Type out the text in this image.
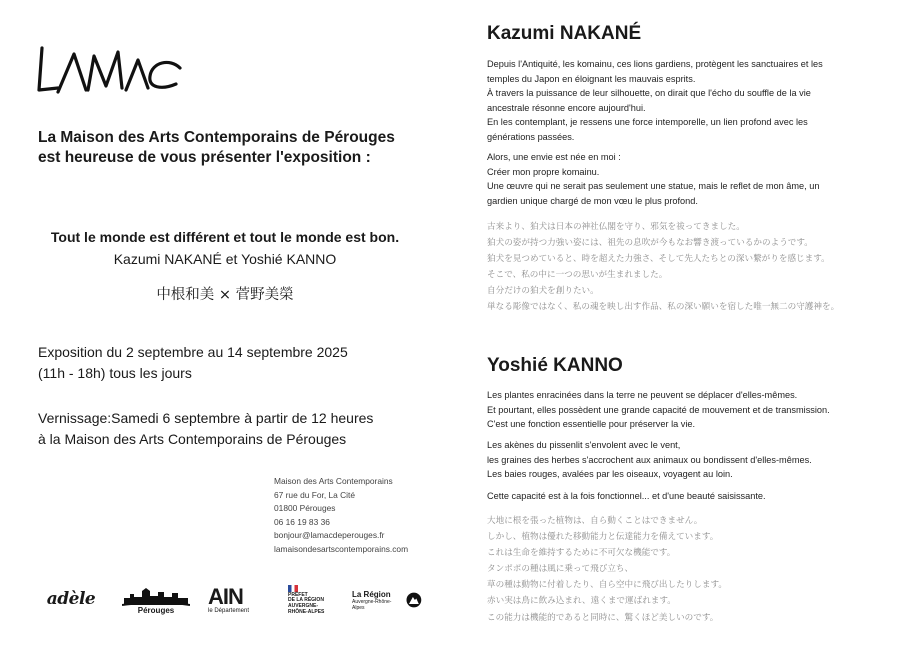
La Maison des Arts Contemporains de Pérouges
est heureuse de vous présenter l'exposition :
Tout le monde est différent et tout le monde est bon.
Kazumi NAKANÉ et Yoshié KANNO
中根和美 × 菅野美榮
Exposition du 2 septembre au 14 septembre 2025
(11h - 18h) tous les jours
Vernissage:Samedi 6 septembre à partir de 12 heures
à la Maison des Arts Contemporains de Pérouges
Maison des Arts Contemporains
67 rue du For, La Cité
01800 Pérouges
06 16 19 83 36
bonjour@lamacdeperouges.fr
lamaisondesartscontemporains.com
adèle
Pérouges
AIN
le Département
PRÉFET
DE LA RÉGION
AUVERGNE-
RHÔNE-ALPES
La Région
Auvergne-Rhône-Alpes
Kazumi NAKANÉ
Depuis l'Antiquité, les komainu, ces lions gardiens, protègent les sanctuaires et les
temples du Japon en éloignant les mauvais esprits.
À travers la puissance de leur silhouette, on dirait que l'écho du souffle de la vie
ancestrale résonne encore aujourd'hui.
En les contemplant, je ressens une force intemporelle, un lien profond avec les
générations passées.
Alors, une envie est née en moi :
Créer mon propre komainu.
Une œuvre qui ne serait pas seulement une statue, mais le reflet de mon âme, un
gardien unique chargé de mon vœu le plus profond.
古来より、狛犬は日本の神社仏閣を守り、邪気を祓ってきました。
狛犬の姿が持つ力強い姿には、祖先の息吹が今もなお響き渡っているかのようです。
狛犬を見つめていると、時を超えた力強さ、そして先人たちとの深い繋がりを感じます。
そこで、私の中に一つの思いが生まれました。
自分だけの狛犬を創りたい。
単なる彫像ではなく、私の魂を映し出す作品、私の深い願いを宿した唯一無二の守護神を。
Yoshié KANNO
Les plantes enracinées dans la terre ne peuvent se déplacer d'elles-mêmes.
Et pourtant, elles possèdent une grande capacité de mouvement et de transmission.
C'est une fonction essentielle pour préserver la vie.
Les akènes du pissenlit s'envolent avec le vent,
les graines des herbes s'accrochent aux animaux ou bondissent d'elles-mêmes.
Les baies rouges, avalées par les oiseaux, voyagent au loin.
Cette capacité est à la fois fonctionnel... et d'une beauté saisissante.
大地に根を張った植物は、自ら動くことはできません。
しかし、植物は優れた移動能力と伝達能力を備えています。
これは生命を維持するために不可欠な機能です。
タンポポの種は風に乗って飛び立ち、
草の種は動物に付着したり、自ら空中に飛び出したりします。
赤い実は鳥に飲み込まれ、遠くまで運ばれます。
この能力は機能的であると同時に、驚くほど美しいのです。
